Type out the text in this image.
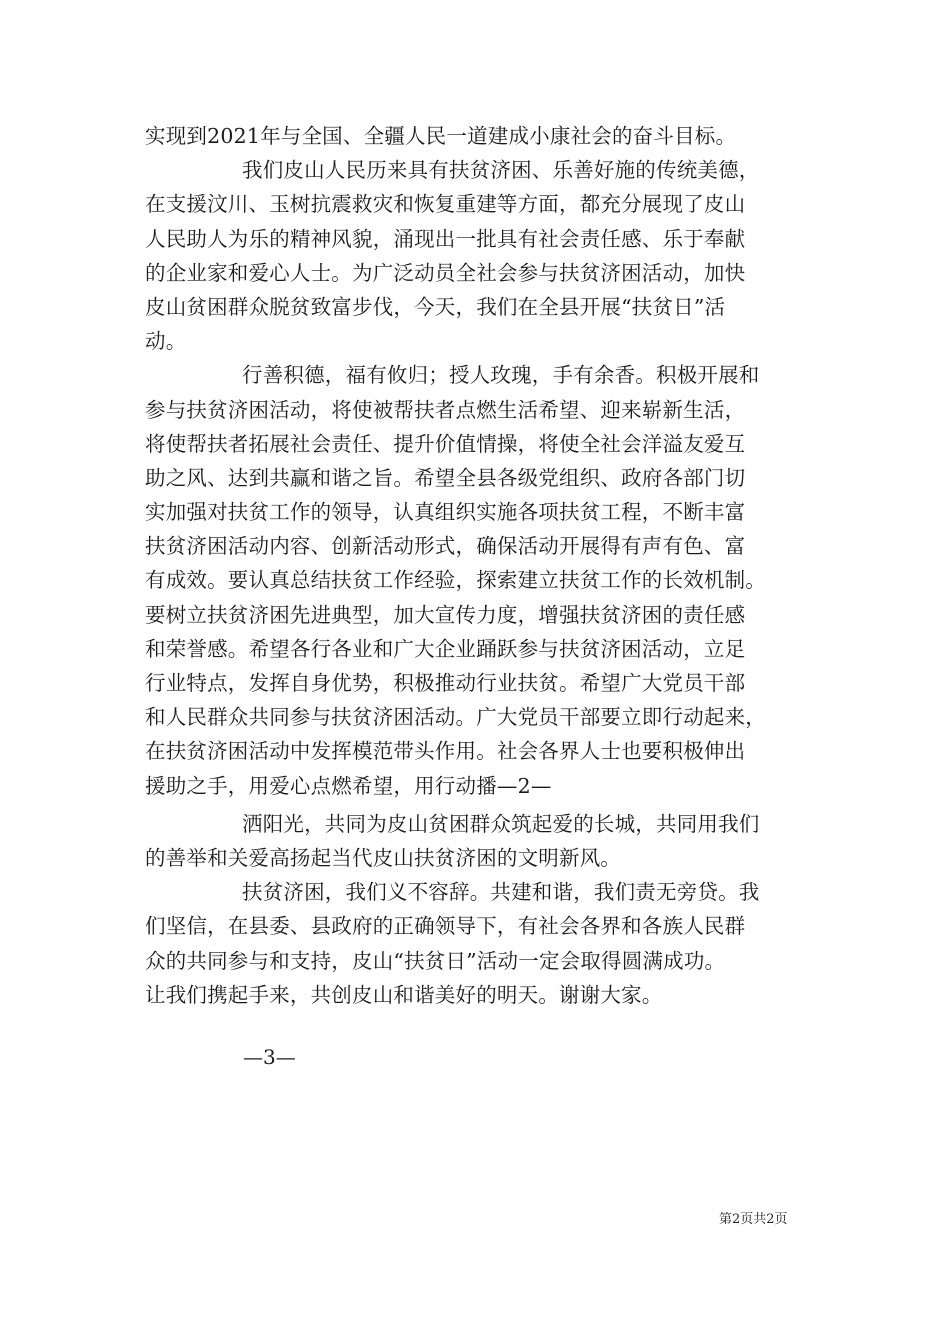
实现到2021年与全国、全疆人民一道建成小康社会的奋斗目标。
我们皮山人民历来具有扶贫济困、乐善好施的传统美德，
在支援汶川、玉树抗震救灾和恢复重建等方面，都充分展现了皮山
人民助人为乐的精神风貌，涌现出一批具有社会责任感、乐于奉献
的企业家和爱心人士。为广泛动员全社会参与扶贫济困活动，加快
皮山贫困群众脱贫致富步伐，今天，我们在全县开展“扶贫日”活
动。
行善积德，福有攸归；授人玫瑰，手有余香。积极开展和
参与扶贫济困活动，将使被帮扶者点燃生活希望、迎来崭新生活，
将使帮扶者拓展社会责任、提升价值情操，将使全社会洋溢友爱互
助之风、达到共赢和谐之旨。希望全县各级党组织、政府各部门切
实加强对扶贫工作的领导，认真组织实施各项扶贫工程，不断丰富
扶贫济困活动内容、创新活动形式，确保活动开展得有声有色、富
有成效。要认真总结扶贫工作经验，探索建立扶贫工作的长效机制。
要树立扶贫济困先进典型，加大宣传力度，增强扶贫济困的责任感
和荣誉感。希望各行各业和广大企业踊跃参与扶贫济困活动，立足
行业特点，发挥自身优势，积极推动行业扶贫。希望广大党员干部
和人民群众共同参与扶贫济困活动。广大党员干部要立即行动起来，
在扶贫济困活动中发挥模范带头作用。社会各界人士也要积极伸出
援助之手，用爱心点燃希望，用行动播—2—
洒阳光，共同为皮山贫困群众筑起爱的长城，共同用我们
的善举和关爱高扬起当代皮山扶贫济困的文明新风。
扶贫济困，我们义不容辞。共建和谐，我们责无旁贷。我
们坚信，在县委、县政府的正确领导下，有社会各界和各族人民群
众的共同参与和支持，皮山“扶贫日”活动一定会取得圆满成功。
让我们携起手来，共创皮山和谐美好的明天。谢谢大家。
—3—
第2页共2页
